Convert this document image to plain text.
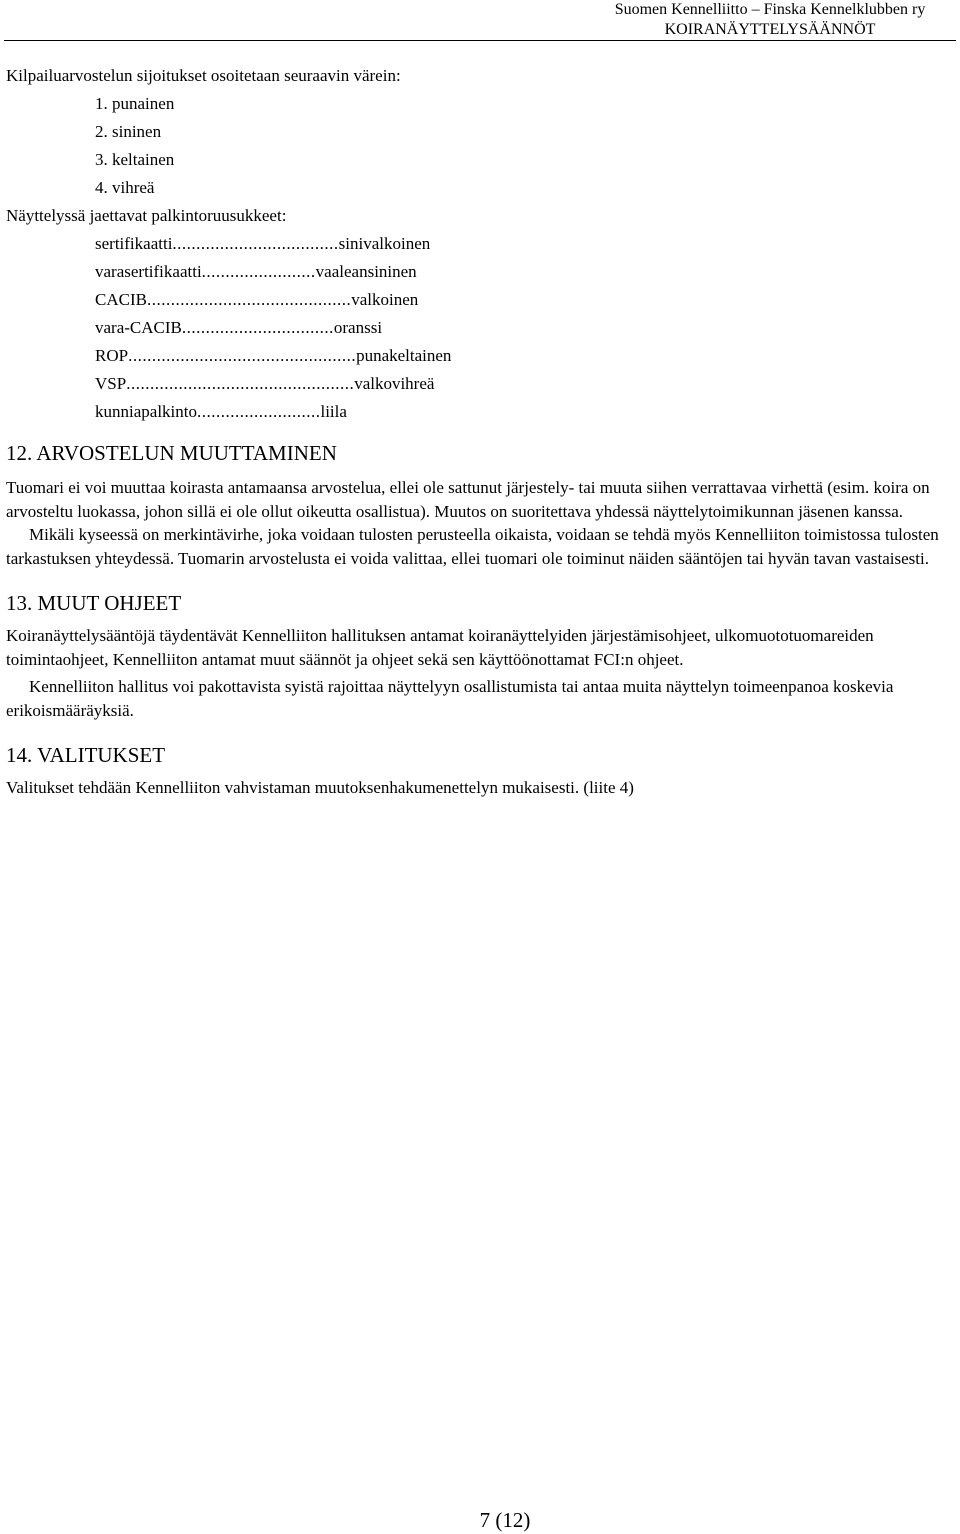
Suomen Kennelliitto – Finska Kennelklubben ry
KOIRANÄYTTELYSÄÄNNÖT
Kilpailuarvostelun sijoitukset osoitetaan seuraavin värein:
1. punainen
2. sininen
3. keltainen
4. vihreä
Näyttelyssä jaettavat palkintoruusukkeet:
sertifikaatti ................................... sinivalkoinen
varasertifikaatti ........................ vaaleansininen
CACIB ........................................... valkoinen
vara-CACIB ................................ oranssi
ROP ................................................ punakeltainen
VSP ................................................ valkovihreä
kunniapalkinto .......................... liila
12. ARVOSTELUN MUUTTAMINEN

Tuomari ei voi muuttaa koirasta antamaansa arvostelua, ellei ole sattunut järjestely- tai muuta siihen verrattavaa virhettä (esim. koira on arvosteltu luokassa, johon sillä ei ole ollut oikeutta osallistua). Muutos on suoritettava yhdessä näyttelytoimikunnan jäsenen kanssa.

Mikäli kyseessä on merkintävirhe, joka voidaan tulosten perusteella oikaista, voidaan se tehdä myös Kennelliiton toimistossa tulosten tarkastuksen yhteydessä. Tuomarin arvostelusta ei voida valittaa, ellei tuomari ole toiminut näiden sääntöjen tai hyvän tavan vastaisesti.

13. MUUT OHJEET

Koiranäyttelysääntöjä täydentävät Kennelliiton hallituksen antamat koiranäyttelyiden järjestämisohjeet, ulkomuototuomareiden toimintaohjeet, Kennelliiton antamat muut säännöt ja ohjeet sekä sen käyttöönottamat FCI:n ohjeet.

Kennelliiton hallitus voi pakottavista syistä rajoittaa näyttelyyn osallistumista tai antaa muita näyttelyn toimeenpanoa koskevia erikoismääräyksiä.

14. VALITUKSET

Valitukset tehdään Kennelliiton vahvistaman muutoksenhakumenettelyn mukaisesti. (liite 4)

7 (12)
